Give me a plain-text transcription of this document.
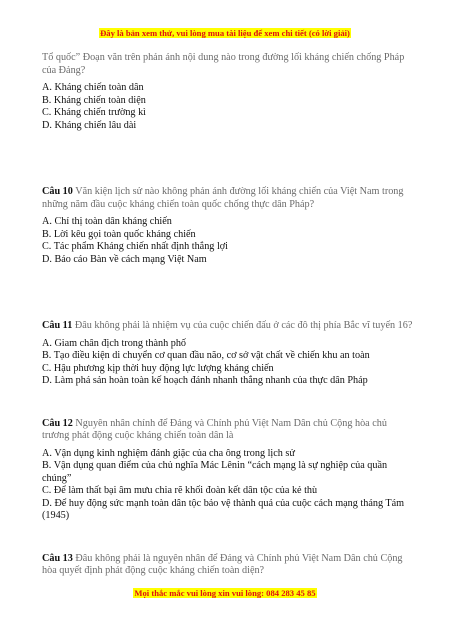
Đây là bản xem thử, vui lòng mua tài liệu để xem chi tiết (có lời giải)

Tổ quốc” Đoạn văn trên phản ánh nội dung nào trong đường lối kháng chiến chống Pháp của Đảng?

A. Kháng chiến toàn dân
B. Kháng chiến toàn diện
C. Kháng chiến trường kì
D. Kháng chiến lâu dài

Câu 10 Văn kiện lịch sử nào không phản ánh đường lối kháng chiến của Việt Nam trong những năm đầu cuộc kháng chiến toàn quốc chống thực dân Pháp?

A. Chỉ thị toàn dân kháng chiến
B. Lời kêu gọi toàn quốc kháng chiến
C. Tác phẩm Kháng chiến nhất định thắng lợi
D. Báo cáo Bàn về cách mạng Việt Nam

Câu 11 Đâu không phải là nhiệm vụ của cuộc chiến đấu ở các đô thị phía Bắc vĩ tuyến 16?

A. Giam chân địch trong thành phố
B. Tạo điều kiện di chuyển cơ quan đầu não, cơ sở vật chất về chiến khu an toàn
C. Hậu phương kịp thời huy động lực lượng kháng chiến
D. Làm phá sản hoàn toàn kế hoạch đánh nhanh thắng nhanh của thực dân Pháp

Câu 12 Nguyên nhân chính để Đảng và Chính phủ Việt Nam Dân chủ Cộng hòa chủ trương phát động cuộc kháng chiến toàn dân là

A. Vận dụng kinh nghiệm đánh giặc của cha ông trong lịch sử
B. Vận dụng quan điểm của chủ nghĩa Mác Lênin “cách mạng là sự nghiệp của quần chúng”
C. Để làm thất bại âm mưu chia rẽ khối đoàn kết dân tộc của kẻ thù
D. Để huy động sức mạnh toàn dân tộc bảo vệ thành quả của cuộc cách mạng tháng Tám (1945)

Câu 13 Đâu không phải là nguyên nhân để Đảng và Chính phủ Việt Nam Dân chủ Cộng hòa quyết định phát động cuộc kháng chiến toàn diện?

Mọi thắc mắc vui lòng xin vui lòng: 084 283 45 85
